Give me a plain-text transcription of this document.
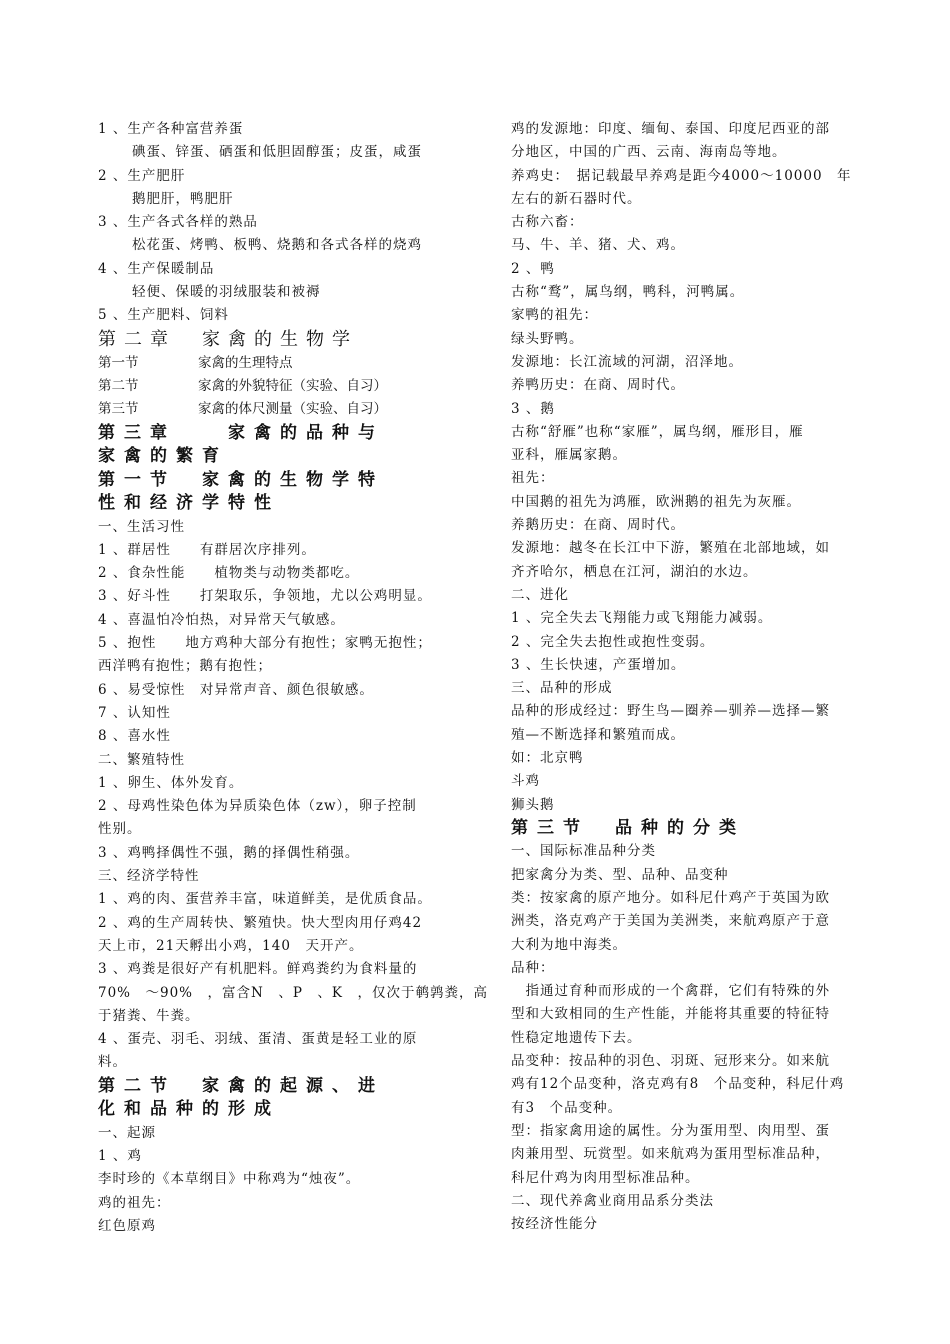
1 、生产各种富营养蛋
碘蛋、锌蛋、硒蛋和低胆固醇蛋；皮蛋，咸蛋
2 、生产肥肝
鹅肥肝，鸭肥肝
3 、生产各式各样的熟品
松花蛋、烤鸭、板鸭、烧鹅和各式各样的烧鸡
4 、生产保暖制品
轻便、保暖的羽绒服装和被褥
5 、生产肥料、饲料
第二章　家禽的生物学
第一节	家禽的生理特点
第二节	家禽的外貌特征（实验、自习）
第三节	家禽的体尺测量（实验、自习）
第三章　　家禽的品种与
家禽的繁育
第一节　家禽的生物学特
性和经济学特性
一、生活习性
1 、群居性　　有群居次序排列。
2 、食杂性能　　植物类与动物类都吃。
3 、好斗性　　打架取乐，争领地，尤以公鸡明显。
4 、喜温怕冷怕热，对异常天气敏感。
5 、抱性　　地方鸡种大部分有抱性；家鸭无抱性；
西洋鸭有抱性；鹅有抱性；
6 、易受惊性　对异常声音、颜色很敏感。
7 、认知性
8 、喜水性
二、繁殖特性
1 、卵生、体外发育。
2 、母鸡性染色体为异质染色体（zw），卵子控制
性别。
3 、鸡鸭择偶性不强，鹅的择偶性稍强。
三、经济学特性
1 、鸡的肉、蛋营养丰富，味道鲜美，是优质食品。
2 、鸡的生产周转快、繁殖快。快大型肉用仔鸡42
天上市，21天孵出小鸡，140　天开产。
3 、鸡粪是很好产有机肥料。鲜鸡粪约为食料量的
70%　～90%　，富含N　、P　、K　，仅次于鹌鹑粪，高
于猪粪、牛粪。
4 、蛋壳、羽毛、羽绒、蛋清、蛋黄是轻工业的原
料。
第二节　家禽的起源、进
化和品种的形成
一、起源
1 、鸡
李时珍的《本草纲目》中称鸡为“烛夜”。
鸡的祖先：
红色原鸡
鸡的发源地：印度、缅甸、泰国、印度尼西亚的部
分地区，中国的广西、云南、海南岛等地。
养鸡史：　据记载最早养鸡是距今4000～10000　年
左右的新石器时代。
古称六畜：
马、牛、羊、猪、犬、鸡。
2 、鸭
古称“鹜”，属鸟纲，鸭科，河鸭属。
家鸭的祖先：
绿头野鸭。
发源地：长江流域的河湖，沼泽地。
养鸭历史：在商、周时代。
3 、鹅
古称“舒雁”也称“家雁”，属鸟纲，雁形目，雁
亚科，雁属家鹅。
祖先：
中国鹅的祖先为鸿雁，欧洲鹅的祖先为灰雁。
养鹅历史：在商、周时代。
发源地：越冬在长江中下游，繁殖在北部地域，如
齐齐哈尔，栖息在江河，湖泊的水边。
二、进化
1 、完全失去飞翔能力或飞翔能力减弱。
2 、完全失去抱性或抱性变弱。
3 、生长快速，产蛋增加。
三、品种的形成
品种的形成经过：野生鸟—圈养—驯养—选择—繁
殖—不断选择和繁殖而成。
如：北京鸭
斗鸡
狮头鹅
第三节　品种的分类
一、国际标准品种分类
把家禽分为类、型、品种、品变种
类：按家禽的原产地分。如科尼什鸡产于英国为欧
洲类，洛克鸡产于美国为美洲类，来航鸡原产于意
大利为地中海类。
品种：
　指通过育种而形成的一个禽群，它们有特殊的外
型和大致相同的生产性能，并能将其重要的特征特
性稳定地遗传下去。
品变种：按品种的羽色、羽斑、冠形来分。如来航
鸡有12个品变种，洛克鸡有8　个品变种，科尼什鸡
有3　个品变种。
型：指家禽用途的属性。分为蛋用型、肉用型、蛋
肉兼用型、玩赏型。如来航鸡为蛋用型标准品种，
科尼什鸡为肉用型标准品种。
二、现代养禽业商用品系分类法
按经济性能分
